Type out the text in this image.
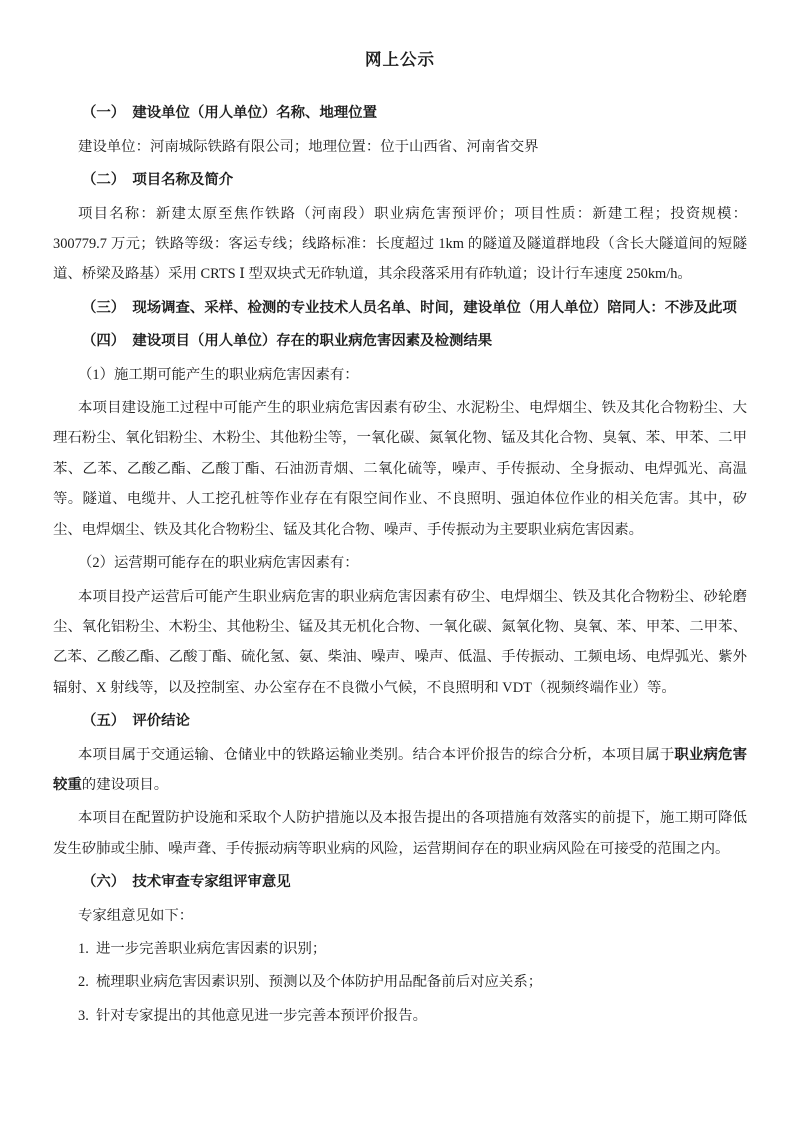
网上公示
（一） 建设单位（用人单位）名称、地理位置

建设单位：河南城际铁路有限公司；地理位置：位于山西省、河南省交界

（二） 项目名称及简介

项目名称：新建太原至焦作铁路（河南段）职业病危害预评价；项目性质：新建工程；投资规模：300779.7 万元；铁路等级：客运专线；线路标准：长度超过 1km 的隧道及隧道群地段（含长大隧道间的短隧道、桥梁及路基）采用 CRTS Ⅰ 型双块式无砟轨道，其余段落采用有砟轨道；设计行车速度 250km/h。

（三） 现场调查、采样、检测的专业技术人员名单、时间，建设单位（用人单位）陪同人：不涉及此项
（四） 建设项目（用人单位）存在的职业病危害因素及检测结果

（1）施工期可能产生的职业病危害因素有：

本项目建设施工过程中可能产生的职业病危害因素有矽尘、水泥粉尘、电焊烟尘、铁及其化合物粉尘、大理石粉尘、氧化铝粉尘、木粉尘、其他粉尘等，一氧化碳、氮氧化物、锰及其化合物、臭氧、苯、甲苯、二甲苯、乙苯、乙酸乙酯、乙酸丁酯、石油沥青烟、二氧化硫等，噪声、手传振动、全身振动、电焊弧光、高温等。隧道、电缆井、人工挖孔桩等作业存在有限空间作业、不良照明、强迫体位作业的相关危害。其中，矽尘、电焊烟尘、铁及其化合物粉尘、锰及其化合物、噪声、手传振动为主要职业病危害因素。

（2）运营期可能存在的职业病危害因素有：

本项目投产运营后可能产生职业病危害的职业病危害因素有矽尘、电焊烟尘、铁及其化合物粉尘、砂轮磨尘、氧化铝粉尘、木粉尘、其他粉尘、锰及其无机化合物、一氧化碳、氮氧化物、臭氧、苯、甲苯、二甲苯、乙苯、乙酸乙酯、乙酸丁酯、硫化氢、氨、柴油、噪声、噪声、低温、手传振动、工频电场、电焊弧光、紫外辐射、X 射线等，以及控制室、办公室存在不良微小气候，不良照明和 VDT（视频终端作业）等。

（五） 评价结论

本项目属于交通运输、仓储业中的铁路运输业类别。结合本评价报告的综合分析，本项目属于职业病危害较重的建设项目。

本项目在配置防护设施和采取个人防护措施以及本报告提出的各项措施有效落实的前提下，施工期可降低发生矽肺或尘肺、噪声聋、手传振动病等职业病的风险，运营期间存在的职业病风险在可接受的范围之内。

（六） 技术审查专家组评审意见

专家组意见如下：

1. 进一步完善职业病危害因素的识别；

2. 梳理职业病危害因素识别、预测以及个体防护用品配备前后对应关系；

3. 针对专家提出的其他意见进一步完善本预评价报告。
